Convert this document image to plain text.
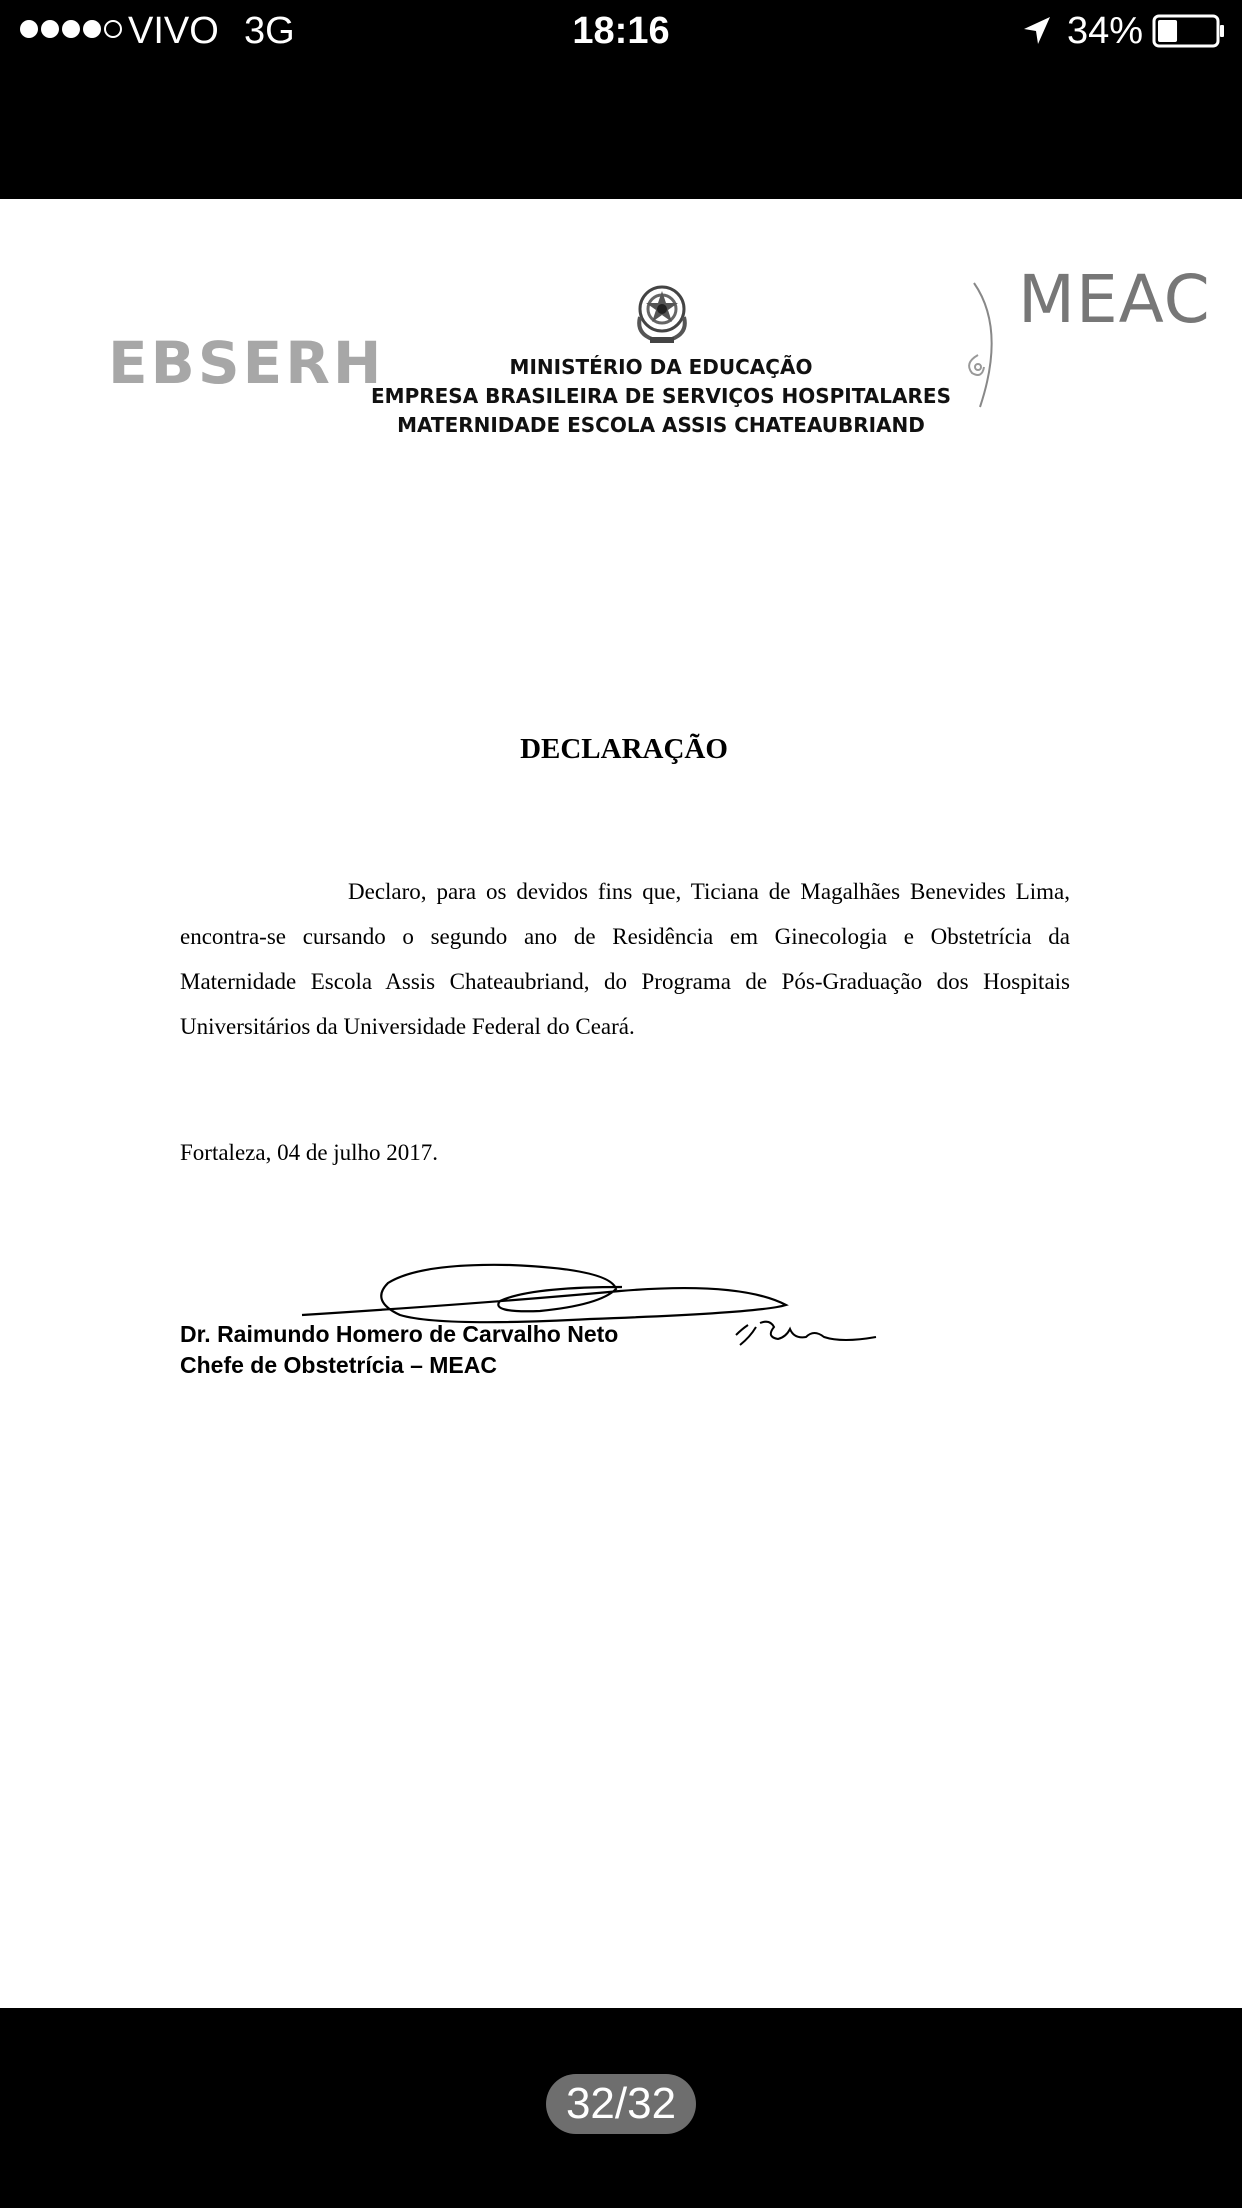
VIVO 3G	18:16	34%
EBSERH	MINISTÉRIO DA EDUCAÇÃO
EMPRESA BRASILEIRA DE SERVIÇOS HOSPITALARES
MATERNIDADE ESCOLA ASSIS CHATEAUBRIAND
MEAC
DECLARAÇÃO

Declaro, para os devidos fins que, Ticiana de Magalhães Benevides Lima, encontra-se cursando o segundo ano de Residência em Ginecologia e Obstetrícia da Maternidade Escola Assis Chateaubriand, do Programa de Pós-Graduação dos Hospitais Universitários da Universidade Federal do Ceará.

Fortaleza, 04 de julho 2017.
Dr. Raimundo Homero de Carvalho Neto
Chefe de Obstetrícia – MEAC
32/32
